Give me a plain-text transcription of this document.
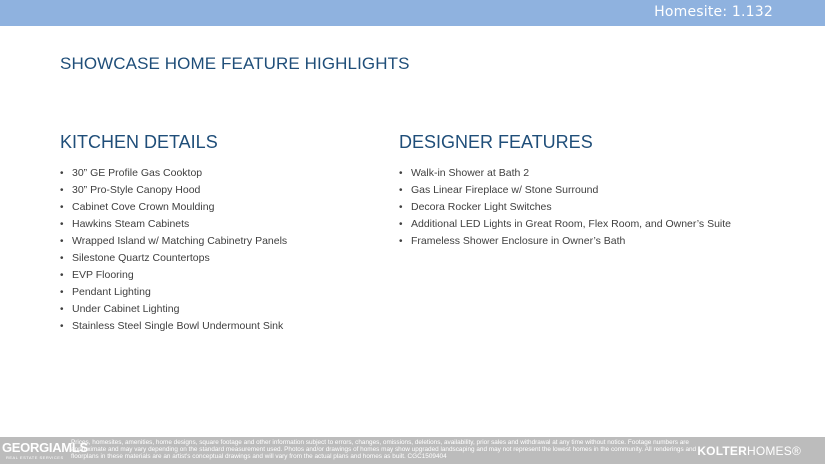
Homesite: 1.132
SHOWCASE HOME FEATURE HIGHLIGHTS
KITCHEN DETAILS
• 30” GE Profile Gas Cooktop
• 30” Pro-Style Canopy Hood
• Cabinet Cove Crown Moulding
• Hawkins Steam Cabinets
• Wrapped Island w/ Matching Cabinetry Panels
• Silestone Quartz Countertops
• EVP Flooring
• Pendant Lighting
• Under Cabinet Lighting
• Stainless Steel Single Bowl Undermount Sink
DESIGNER FEATURES
• Walk-in Shower at Bath 2
• Gas Linear Fireplace w/ Stone Surround
• Decora Rocker Light Switches
• Additional LED Lights in Great Room, Flex Room, and Owner’s Suite
• Frameless Shower Enclosure in Owner’s Bath
GEORGIAMLS
REAL ESTATE SERVICES
Prices, homesites, amenities, home designs, square footage and other information subject to errors, changes, omissions, deletions, availability, prior sales and withdrawal at any time without notice. Footage numbers are approximate and may vary depending on the standard measurement used. Photos and/or drawings of homes may show upgraded landscaping and may not represent the lowest homes in the community. All renderings and floorplans in these materials are an artist's conceptual drawings and will vary from the actual plans and homes as built. CGC1509404	KOLTERHOMES®
